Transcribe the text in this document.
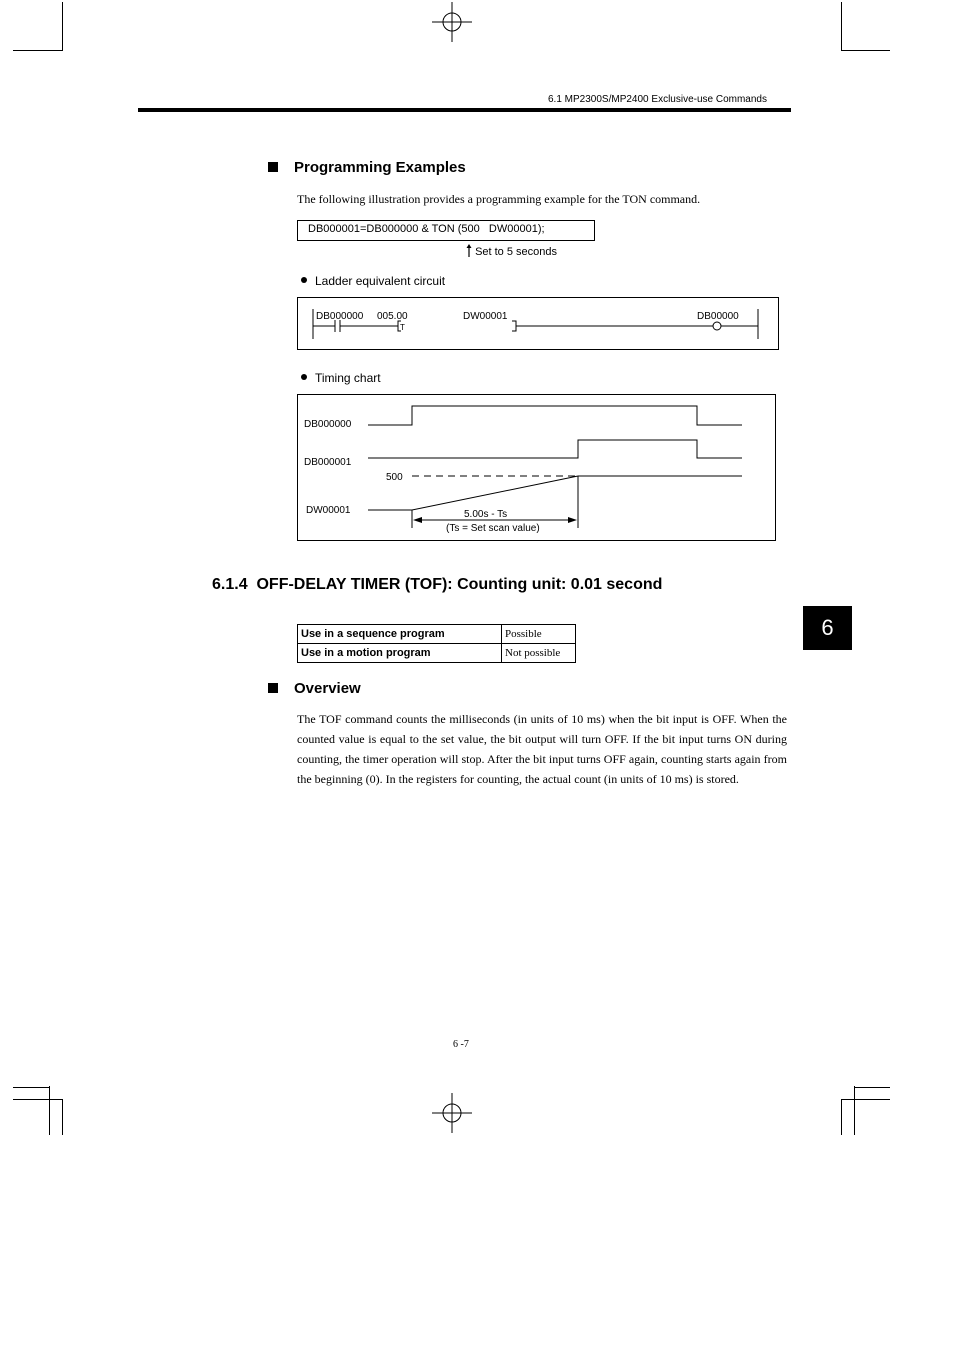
6.1 MP2300S/MP2400 Exclusive-use Commands
Programming Examples
The following illustration provides a programming example for the TON command.
DB000001=DB000000 & TON (500   DW00001);
Set to 5 seconds
Ladder equivalent circuit
DB000000 005.00
T
DW00001	DB00000
Timing chart
DB000000
DB000001
500
DW00001	5.00s - Ts
(Ts = Set scan value)
6.1.4  OFF-DELAY TIMER (TOF): Counting unit: 0.01 second
6
Use in a sequence program	Possible
Use in a motion program	Not possible
Overview
The TOF command counts the milliseconds (in units of 10 ms) when the bit input is OFF. When the counted value is equal to the set value, the bit output will turn OFF. If the bit input turns ON during counting, the timer operation will stop. After the bit input turns OFF again, counting starts again from the beginning (0). In the registers for counting, the actual count (in units of 10 ms) is stored.
6 -7
